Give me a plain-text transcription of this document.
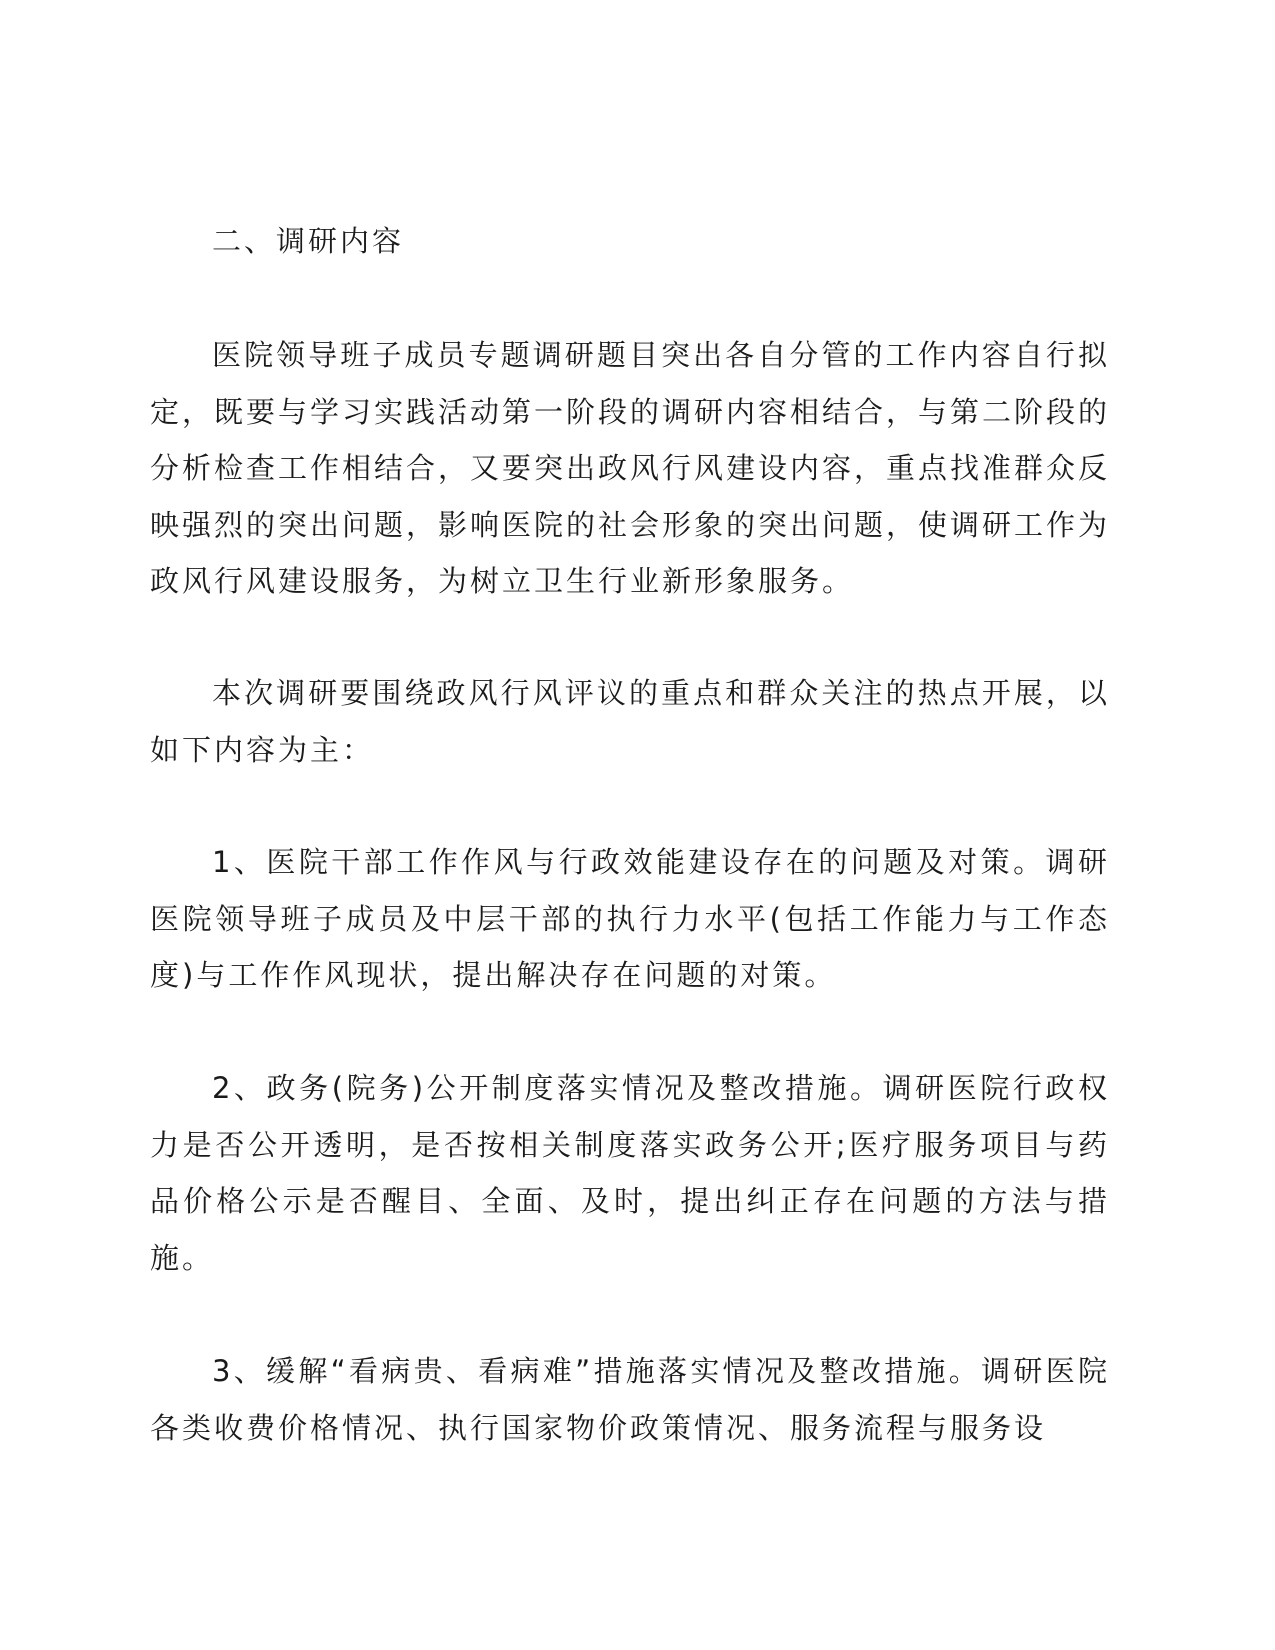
二、调研内容

医院领导班子成员专题调研题目突出各自分管的工作内容自行拟定，既要与学习实践活动第一阶段的调研内容相结合，与第二阶段的分析检查工作相结合，又要突出政风行风建设内容，重点找准群众反映强烈的突出问题，影响医院的社会形象的突出问题，使调研工作为政风行风建设服务，为树立卫生行业新形象服务。

本次调研要围绕政风行风评议的重点和群众关注的热点开展，以如下内容为主：

1、医院干部工作作风与行政效能建设存在的问题及对策。调研医院领导班子成员及中层干部的执行力水平(包括工作能力与工作态度)与工作作风现状，提出解决存在问题的对策。

2、政务(院务)公开制度落实情况及整改措施。调研医院行政权力是否公开透明，是否按相关制度落实政务公开;医疗服务项目与药品价格公示是否醒目、全面、及时，提出纠正存在问题的方法与措施。

3、缓解“看病贵、看病难”措施落实情况及整改措施。调研医院各类收费价格情况、执行国家物价政策情况、服务流程与服务设
